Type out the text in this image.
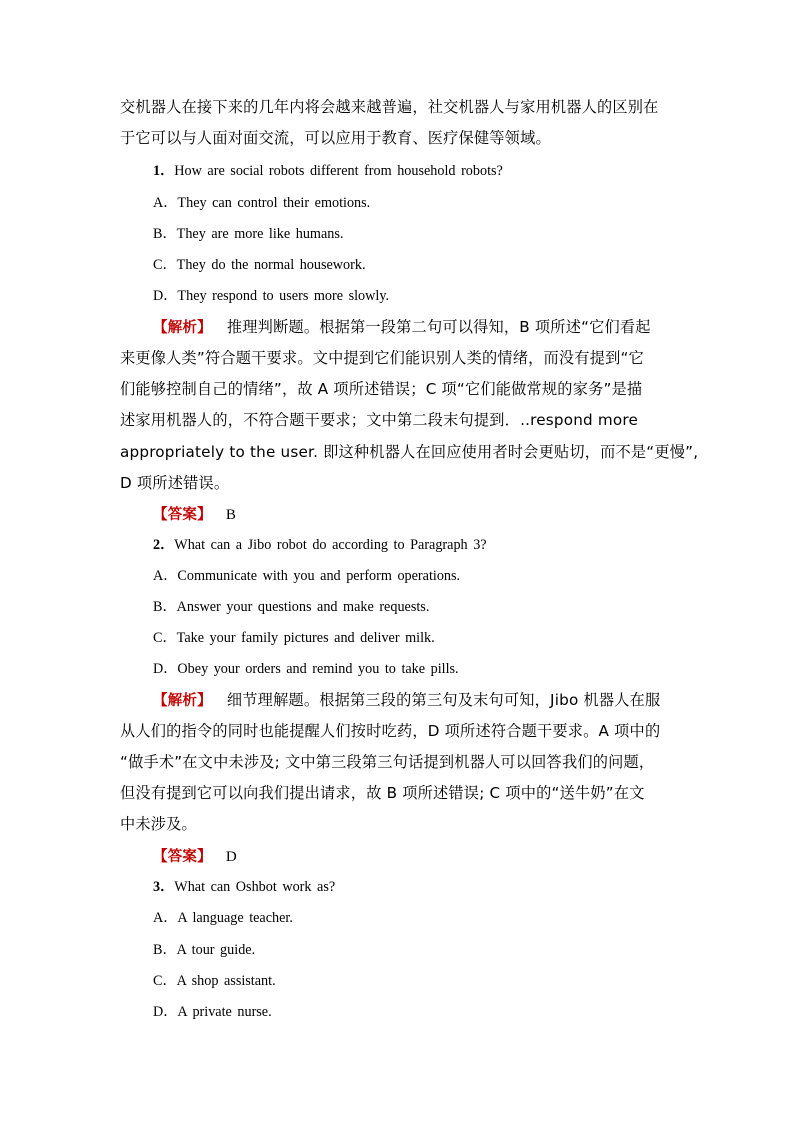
交机器人在接下来的几年内将会越来越普遍，社交机器人与家用机器人的区别在
于它可以与人面对面交流，可以应用于教育、医疗保健等领域。
1．How are social robots different from household robots?
A．They can control their emotions.
B．They are more like humans.
C．They do the normal housework.
D．They respond to users more slowly.
【解析】 推理判断题。根据第一段第二句可以得知，B 项所述“它们看起
来更像人类”符合题干要求。文中提到它们能识别人类的情绪，而没有提到“它
们能够控制自己的情绪”，故 A 项所述错误；C 项“它们能做常规的家务”是描
述家用机器人的，不符合题干要求；文中第二段末句提到．..respond more
appropriately to the user. 即这种机器人在回应使用者时会更贴切，而不是“更慢”,
D 项所述错误。
【答案】 B
2．What can a Jibo robot do according to Paragraph 3?
A．Communicate with you and perform operations.
B．Answer your questions and make requests.
C．Take your family pictures and deliver milk.
D．Obey your orders and remind you to take pills.
【解析】 细节理解题。根据第三段的第三句及末句可知，Jibo 机器人在服
从人们的指令的同时也能提醒人们按时吃药，D 项所述符合题干要求。A 项中的
“做手术”在文中未涉及; 文中第三段第三句话提到机器人可以回答我们的问题，
但没有提到它可以向我们提出请求，故 B 项所述错误; C 项中的“送牛奶”在文
中未涉及。
【答案】 D
3．What can Oshbot work as?
A．A language teacher.
B．A tour guide.
C．A shop assistant.
D．A private nurse.
